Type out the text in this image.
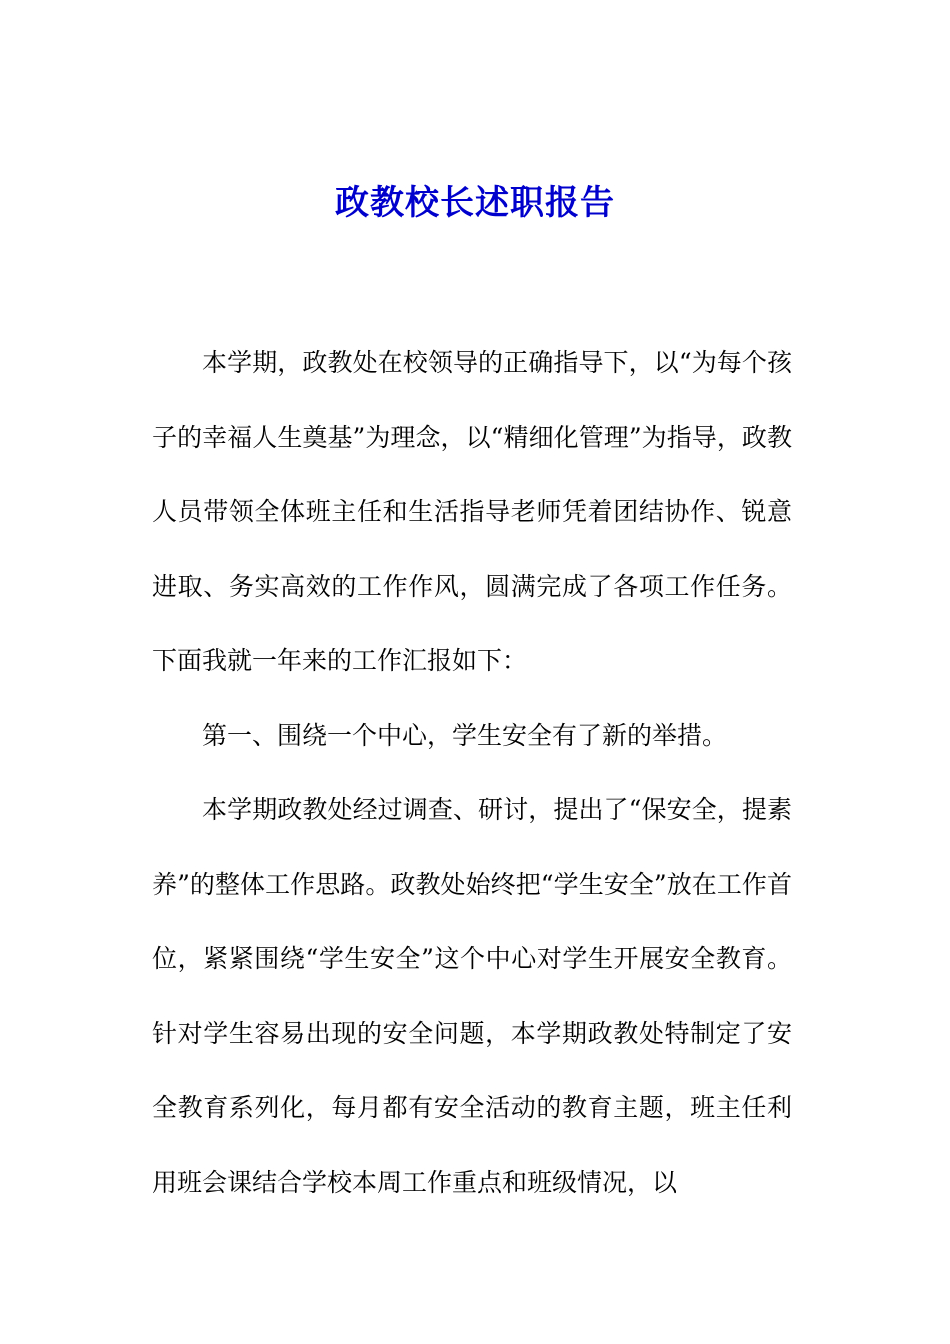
政教校长述职报告

本学期，政教处在校领导的正确指导下，以“为每个孩子的幸福人生奠基”为理念，以“精细化管理”为指导，政教人员带领全体班主任和生活指导老师凭着团结协作、锐意进取、务实高效的工作作风，圆满完成了各项工作任务。下面我就一年来的工作汇报如下：

第一、围绕一个中心，学生安全有了新的举措。

本学期政教处经过调查、研讨，提出了“保安全，提素养”的整体工作思路。政教处始终把“学生安全”放在工作首位，紧紧围绕“学生安全”这个中心对学生开展安全教育。针对学生容易出现的安全问题，本学期政教处特制定了安全教育系列化，每月都有安全活动的教育主题，班主任利用班会课结合学校本周工作重点和班级情况，以
